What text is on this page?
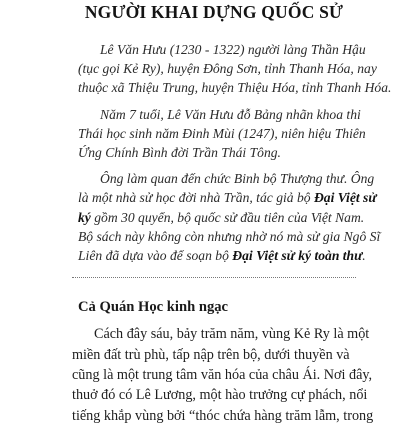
NGƯỜI KHAI DỰNG QUỐC SỬ

Lê Văn Hưu (1230 - 1322) người làng Thần Hậu
(tục gọi Kẻ Ry), huyện Đông Sơn, tỉnh Thanh Hóa, nay
thuộc xã Thiệu Trung, huyện Thiệu Hóa, tỉnh Thanh Hóa.

Năm 7 tuổi, Lê Văn Hưu đỗ Bảng nhãn khoa thi
Thái học sinh năm Đinh Mùi (1247), niên hiệu Thiên
Ứng Chính Bình đời Trần Thái Tông.

Ông làm quan đến chức Binh bộ Thượng thư. Ông
là một nhà sử học đời nhà Trần, tác giả bộ Đại Việt sử
ký gồm 30 quyển, bộ quốc sử đầu tiên của Việt Nam.
Bộ sách này không còn nhưng nhờ nó mà sử gia Ngô Sĩ
Liên đã dựa vào để soạn bộ Đại Việt sử ký toàn thư.

Cả Quán Học kinh ngạc
Cách đây sáu, bảy trăm năm, vùng Kẻ Ry là một
miền đất trù phù, tấp nập trên bộ, dưới thuyền và
cũng là một trung tâm văn hóa của châu Ái. Nơi đây,
thuở đó có Lê Lương, một hào trưởng cự phách, nổi
tiếng khắp vùng bởi “thóc chứa hàng trăm lẫm, trong
